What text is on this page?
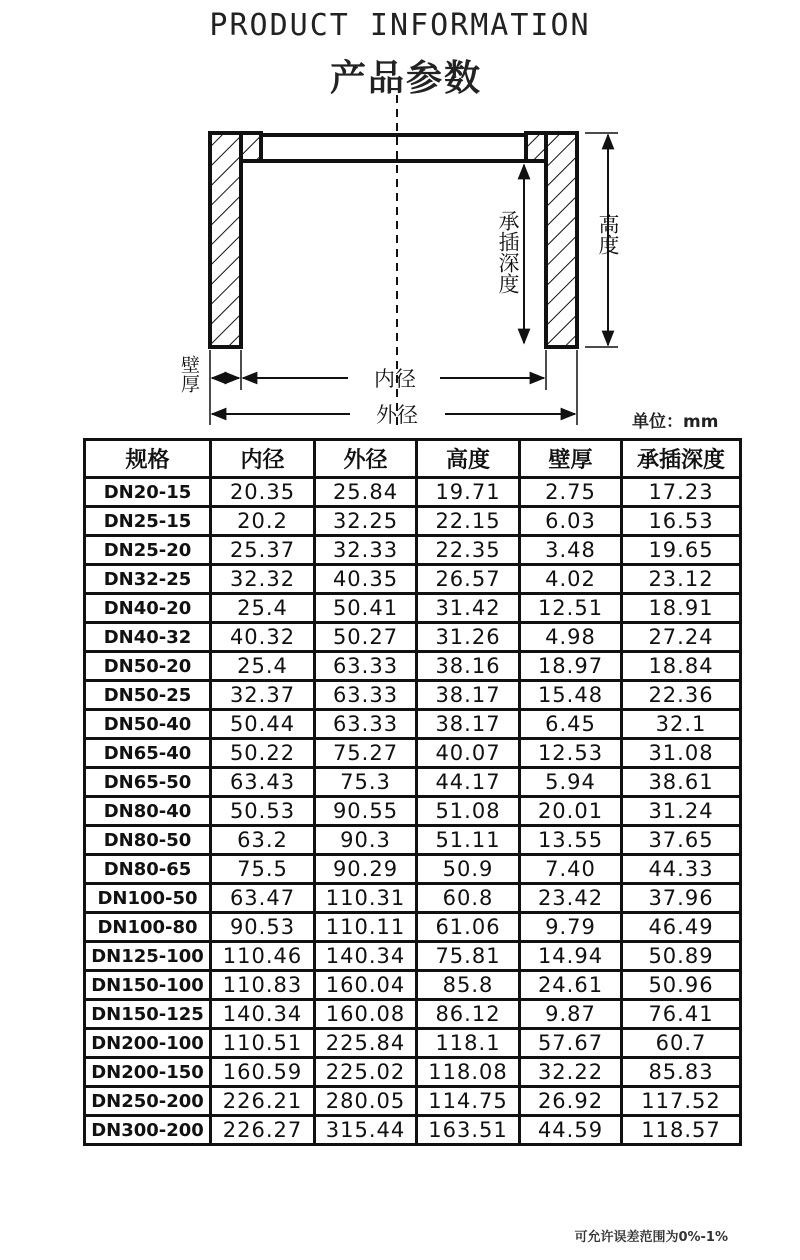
PRODUCT INFORMATION
产品参数
高度
承插深度
壁厚	内径
外径	单位：mm
规格	内径	外径	高度	壁厚	承插深度
DN20-15	20.35	25.84	19.71	2.75	17.23
DN25-15	20.2	32.25	22.15	6.03	16.53
DN25-20	25.37	32.33	22.35	3.48	19.65
DN32-25	32.32	40.35	26.57	4.02	23.12
DN40-20	25.4	50.41	31.42	12.51	18.91
DN40-32	40.32	50.27	31.26	4.98	27.24
DN50-20	25.4	63.33	38.16	18.97	18.84
DN50-25	32.37	63.33	38.17	15.48	22.36
DN50-40	50.44	63.33	38.17	6.45	32.1
DN65-40	50.22	75.27	40.07	12.53	31.08
DN65-50	63.43	75.3	44.17	5.94	38.61
DN80-40	50.53	90.55	51.08	20.01	31.24
DN80-50	63.2	90.3	51.11	13.55	37.65
DN80-65	75.5	90.29	50.9	7.40	44.33
DN100-50	63.47	110.31	60.8	23.42	37.96
DN100-80	90.53	110.11	61.06	9.79	46.49
DN125-100	110.46	140.34	75.81	14.94	50.89
DN150-100	110.83	160.04	85.8	24.61	50.96
DN150-125	140.34	160.08	86.12	9.87	76.41
DN200-100	110.51	225.84	118.1	57.67	60.7
DN200-150	160.59	225.02	118.08	32.22	85.83
DN250-200	226.21	280.05	114.75	26.92	117.52
DN300-200	226.27	315.44	163.51	44.59	118.57
可允许误差范围为0%-1%
